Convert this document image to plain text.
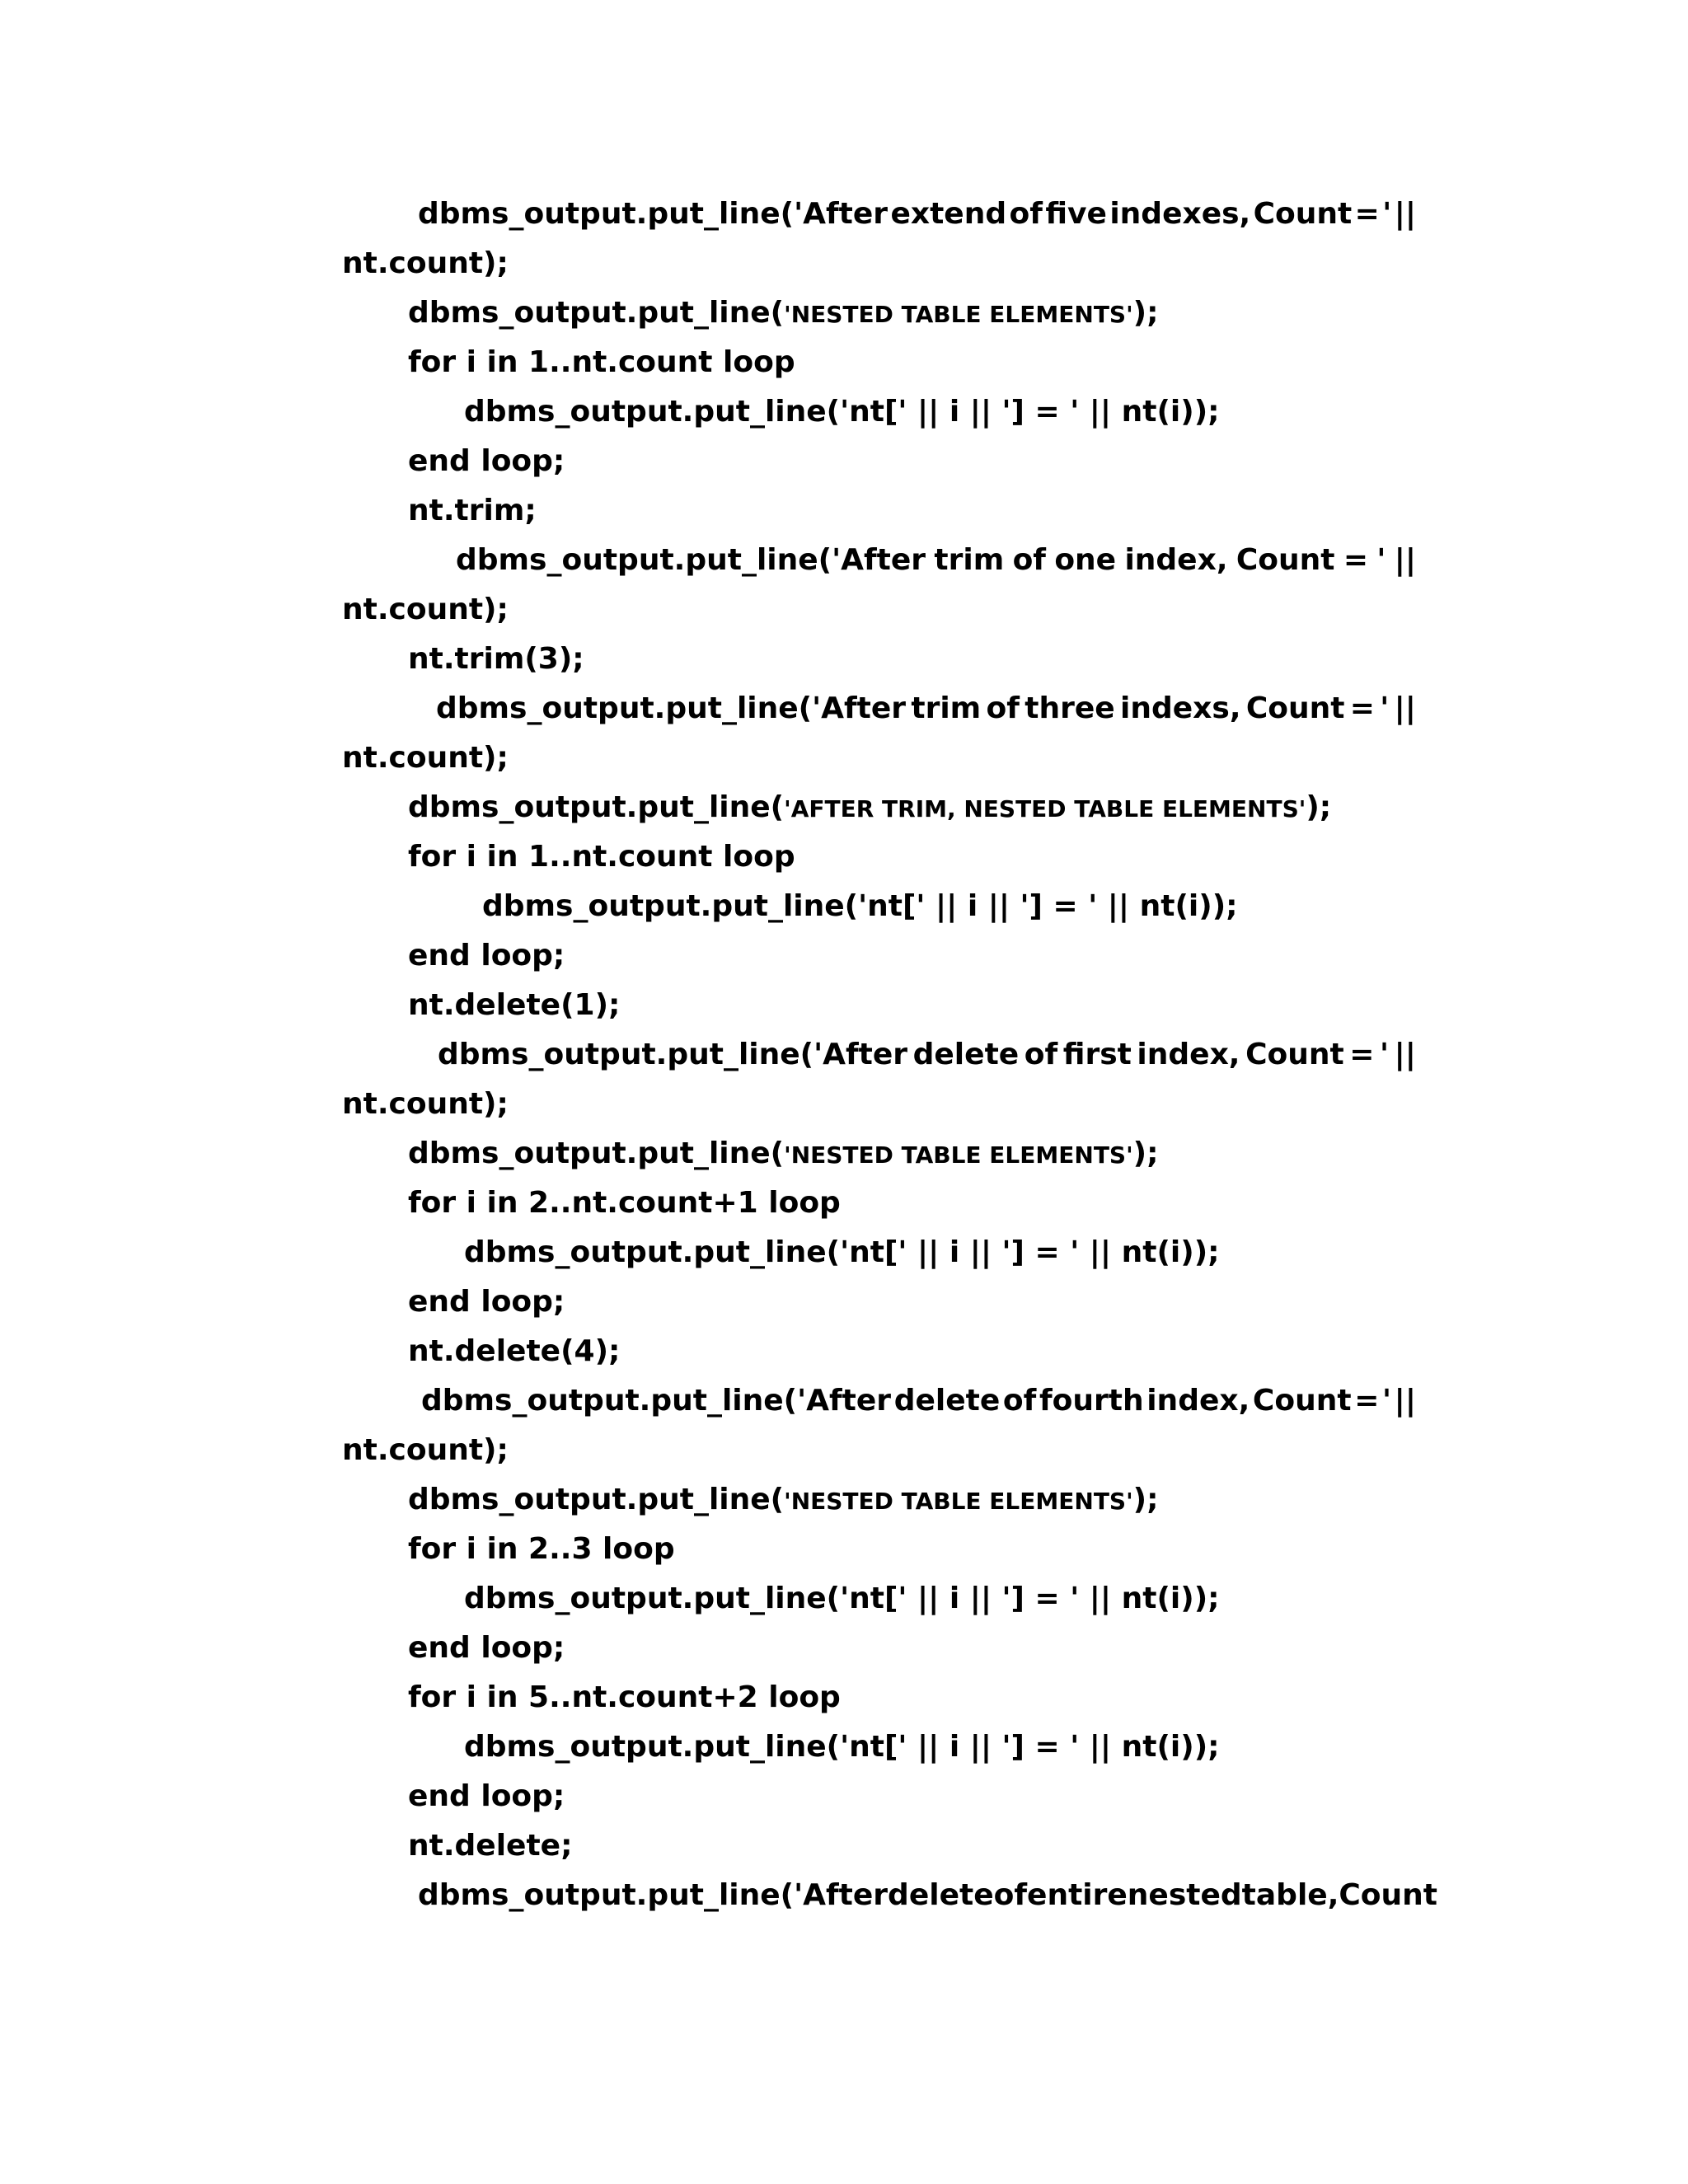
dbms_output.put_line('After extend of five indexes, Count = ' ||
nt.count);
dbms_output.put_line('NESTED TABLE ELEMENTS');
for i in 1..nt.count loop
dbms_output.put_line('nt[' || i || '] = ' || nt(i));
end loop;
nt.trim;
dbms_output.put_line('After trim of one index, Count = ' ||
nt.count);
nt.trim(3);
dbms_output.put_line('After trim of three indexs, Count = ' ||
nt.count);
dbms_output.put_line('AFTER TRIM, NESTED TABLE ELEMENTS');
for i in 1..nt.count loop
dbms_output.put_line('nt[' || i || '] = ' || nt(i));
end loop;
nt.delete(1);
dbms_output.put_line('After delete of first index, Count = ' ||
nt.count);
dbms_output.put_line('NESTED TABLE ELEMENTS');
for i in 2..nt.count+1 loop
dbms_output.put_line('nt[' || i || '] = ' || nt(i));
end loop;
nt.delete(4);
dbms_output.put_line('After delete of fourth index, Count = ' ||
nt.count);
dbms_output.put_line('NESTED TABLE ELEMENTS');
for i in 2..3 loop
dbms_output.put_line('nt[' || i || '] = ' || nt(i));
end loop;
for i in 5..nt.count+2 loop
dbms_output.put_line('nt[' || i || '] = ' || nt(i));
end loop;
nt.delete;
dbms_output.put_line('After delete of entire nested table, Count
